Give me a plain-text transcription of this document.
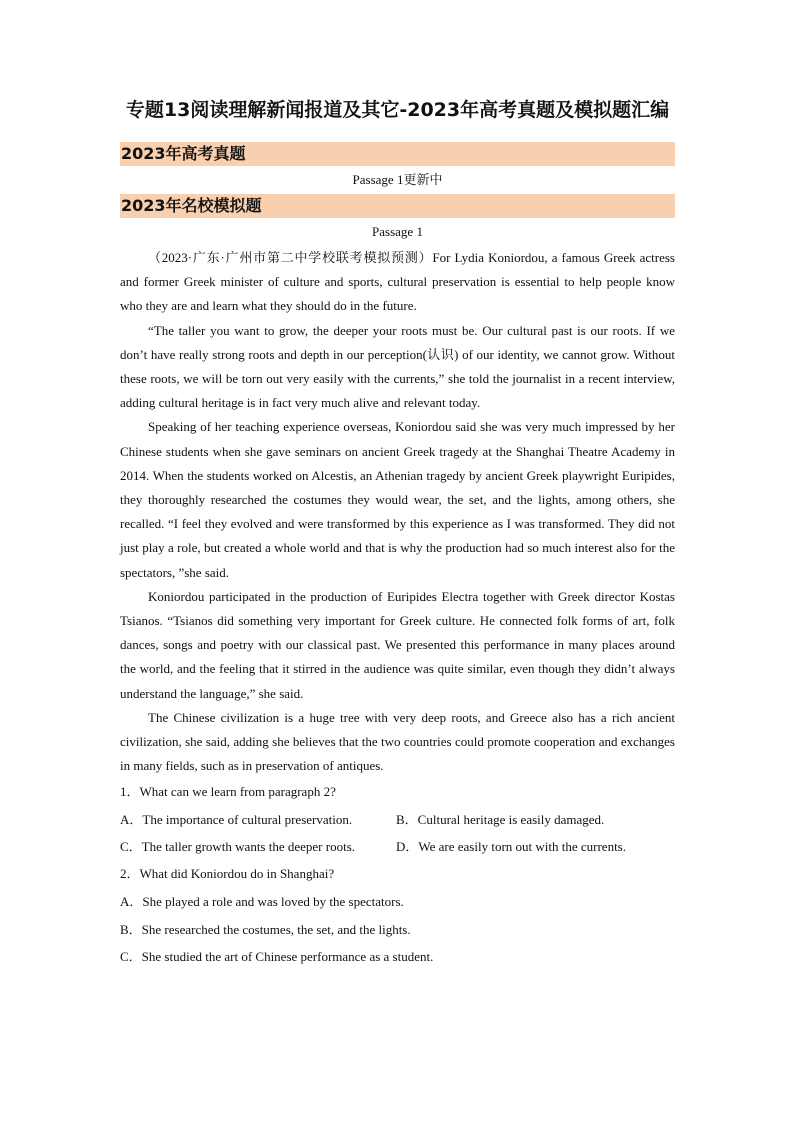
专题13阅读理解新闻报道及其它-2023年高考真题及模拟题汇编
2023年高考真题
Passage 1更新中
2023年名校模拟题
Passage 1

（2023·广东·广州市第二中学校联考模拟预测）For Lydia Koniordou, a famous Greek actress and former Greek minister of culture and sports, cultural preservation is essential to help people know who they are and learn what they should do in the future.

“The taller you want to grow, the deeper your roots must be. Our cultural past is our roots. If we don’t have really strong roots and depth in our perception(认识) of our identity, we cannot grow. Without these roots, we will be torn out very easily with the currents,” she told the journalist in a recent interview, adding cultural heritage is in fact very much alive and relevant today.

Speaking of her teaching experience overseas, Koniordou said she was very much impressed by her Chinese students when she gave seminars on ancient Greek tragedy at the Shanghai Theatre Academy in 2014. When the students worked on Alcestis, an Athenian tragedy by ancient Greek playwright Euripides, they thoroughly researched the costumes they would wear, the set, and the lights, among others, she recalled. “I feel they evolved and were transformed by this experience as I was transformed. They did not just play a role, but created a whole world and that is why the production had so much interest also for the spectators, ”she said.

Koniordou participated in the production of Euripides Electra together with Greek director Kostas Tsianos. “Tsianos did something very important for Greek culture. He connected folk forms of art, folk dances, songs and poetry with our classical past. We presented this performance in many places around the world, and the feeling that it stirred in the audience was quite similar, even though they didn’t always understand the language,” she said.

The Chinese civilization is a huge tree with very deep roots, and Greece also has a rich ancient civilization, she said, adding she believes that the two countries could promote cooperation and exchanges in many fields, such as in preservation of antiques.

1．What can we learn from paragraph 2?
A．The importance of cultural preservation.	B．Cultural heritage is easily damaged.
C．The taller growth wants the deeper roots.	D．We are easily torn out with the currents.
2．What did Koniordou do in Shanghai?
A．She played a role and was loved by the spectators.
B．She researched the costumes, the set, and the lights.
C．She studied the art of Chinese performance as a student.
